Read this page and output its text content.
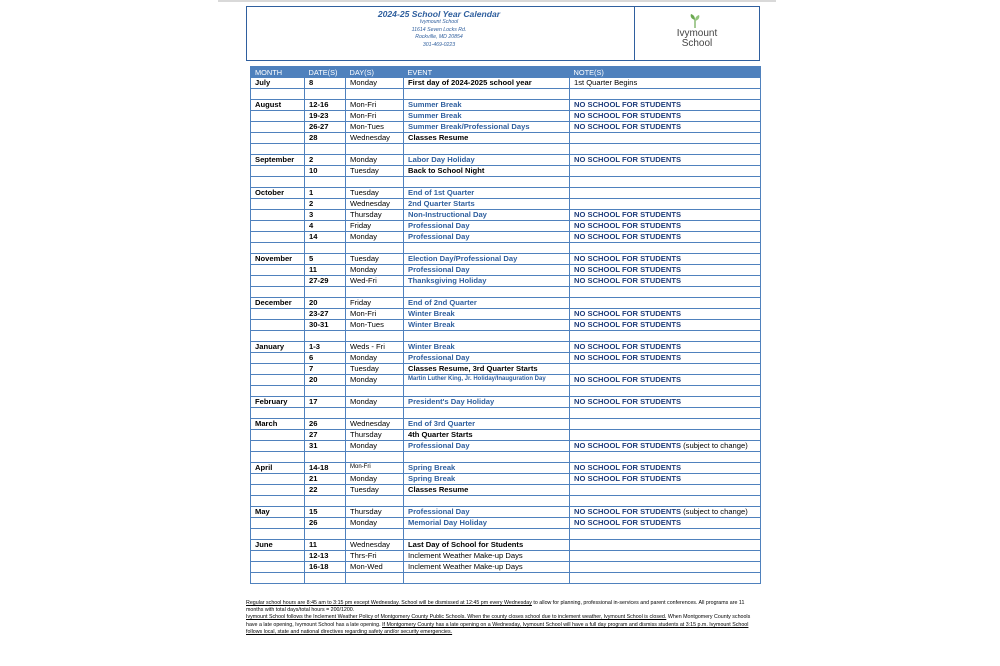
2024-25 School Year Calendar
Ivymount School
11614 Seven Locks Rd.
Rockville, MD 20854
301-469-0223
Ivymount
School
MONTH	DATE(S)	DAY(S)	EVENT	NOTE(S)
July	8	Monday	First day of 2024-2025 school year	1st Quarter Begins

August	12-16	Mon-Fri	Summer Break	NO SCHOOL FOR STUDENTS
	19-23	Mon-Fri	Summer Break	NO SCHOOL FOR STUDENTS
	26-27	Mon-Tues	Summer Break/Professional Days	NO SCHOOL FOR STUDENTS
	28	Wednesday	Classes Resume	

September	2	Monday	Labor Day Holiday	NO SCHOOL FOR STUDENTS
	10	Tuesday	Back to School Night	

October	1	Tuesday	End of 1st Quarter	
	2	Wednesday	2nd Quarter Starts	
	3	Thursday	Non-Instructional Day	NO SCHOOL FOR STUDENTS
	4	Friday	Professional Day	NO SCHOOL FOR STUDENTS
	14	Monday	Professional Day	NO SCHOOL FOR STUDENTS

November	5	Tuesday	Election Day/Professional Day	NO SCHOOL FOR STUDENTS
	11	Monday	Professional Day	NO SCHOOL FOR STUDENTS
	27-29	Wed-Fri	Thanksgiving Holiday	NO SCHOOL FOR STUDENTS

December	20	Friday	End of 2nd Quarter	
	23-27	Mon-Fri	Winter Break	NO SCHOOL FOR STUDENTS
	30-31	Mon-Tues	Winter Break	NO SCHOOL FOR STUDENTS

January	1-3	Weds - Fri	Winter Break	NO SCHOOL FOR STUDENTS
	6	Monday	Professional Day	NO SCHOOL FOR STUDENTS
	7	Tuesday	Classes Resume, 3rd Quarter Starts	
	20	Monday	Martin Luther King, Jr. Holiday/Inauguration Day	NO SCHOOL FOR STUDENTS

February	17	Monday	President's Day Holiday	NO SCHOOL FOR STUDENTS

March	26	Wednesday	End of 3rd Quarter	
	27	Thursday	4th Quarter Starts	
	31	Monday	Professional Day	NO SCHOOL FOR STUDENTS (subject to change)

April	14-18	Mon-Fri	Spring Break	NO SCHOOL FOR STUDENTS
	21	Monday	Spring Break	NO SCHOOL FOR STUDENTS
	22	Tuesday	Classes Resume	

May	15	Thursday	Professional Day	NO SCHOOL FOR STUDENTS (subject to change)
	26	Monday	Memorial Day Holiday	NO SCHOOL FOR STUDENTS

June	11	Wednesday	Last Day of School for Students	
	12-13	Thrs-Fri	Inclement Weather Make-up Days	
	16-18	Mon-Wed	Inclement Weather Make-up Days	

Regular school hours are 8:45 am to 3:15 pm except Wednesday. School will be dismissed at 12:45 pm every Wednesday to allow for planning, professional in-services and parent conferences. All programs are 11 months with total days/total hours = 200/1200.
Ivymount School follows the Inclement Weather Policy of Montgomery County Public Schools. When the county closes school due to inclement weather, Ivymount School is closed. When Montgomery County schools have a late opening, Ivymount School has a late opening. If Montgomery County has a late opening on a Wednesday, Ivymount School will have a full day program and dismiss students at 3:15 p.m. Ivymount School follows local, state and national directives regarding safety and/or security emergencies.
